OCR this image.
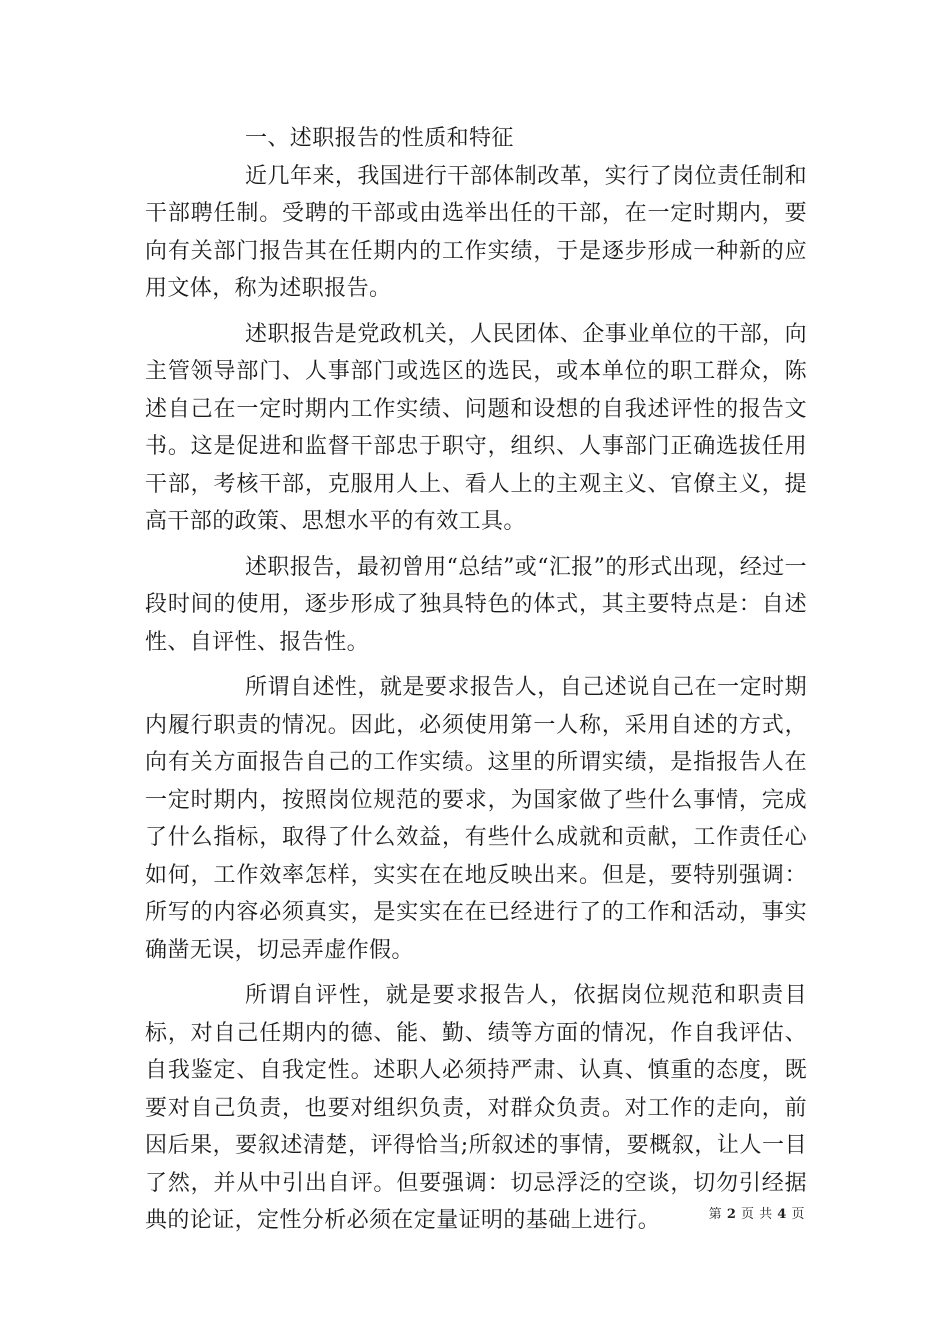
一、述职报告的性质和特征

近几年来，我国进行干部体制改革，实行了岗位责任制和干部聘任制。受聘的干部或由选举出任的干部，在一定时期内，要向有关部门报告其在任期内的工作实绩，于是逐步形成一种新的应用文体，称为述职报告。

述职报告是党政机关，人民团体、企事业单位的干部，向主管领导部门、人事部门或选区的选民，或本单位的职工群众，陈述自己在一定时期内工作实绩、问题和设想的自我述评性的报告文书。这是促进和监督干部忠于职守，组织、人事部门正确选拔任用干部，考核干部，克服用人上、看人上的主观主义、官僚主义，提高干部的政策、思想水平的有效工具。

述职报告，最初曾用“总结”或“汇报”的形式出现，经过一段时间的使用，逐步形成了独具特色的体式，其主要特点是：自述性、自评性、报告性。

所谓自述性，就是要求报告人，自己述说自己在一定时期内履行职责的情况。因此，必须使用第一人称，采用自述的方式，向有关方面报告自己的工作实绩。这里的所谓实绩，是指报告人在一定时期内，按照岗位规范的要求，为国家做了些什么事情，完成了什么指标，取得了什么效益，有些什么成就和贡献，工作责任心如何，工作效率怎样，实实在在地反映出来。但是，要特别强调：所写的内容必须真实，是实实在在已经进行了的工作和活动，事实确凿无误，切忌弄虚作假。

所谓自评性，就是要求报告人，依据岗位规范和职责目标，对自己任期内的德、能、勤、绩等方面的情况，作自我评估、自我鉴定、自我定性。述职人必须持严肃、认真、慎重的态度，既要对自己负责，也要对组织负责，对群众负责。对工作的走向，前因后果，要叙述清楚，评得恰当;所叙述的事情，要概叙，让人一目了然，并从中引出自评。但要强调：切忌浮泛的空谈，切勿引经据典的论证，定性分析必须在定量证明的基础上进行。	第 2 页 共 4 页
